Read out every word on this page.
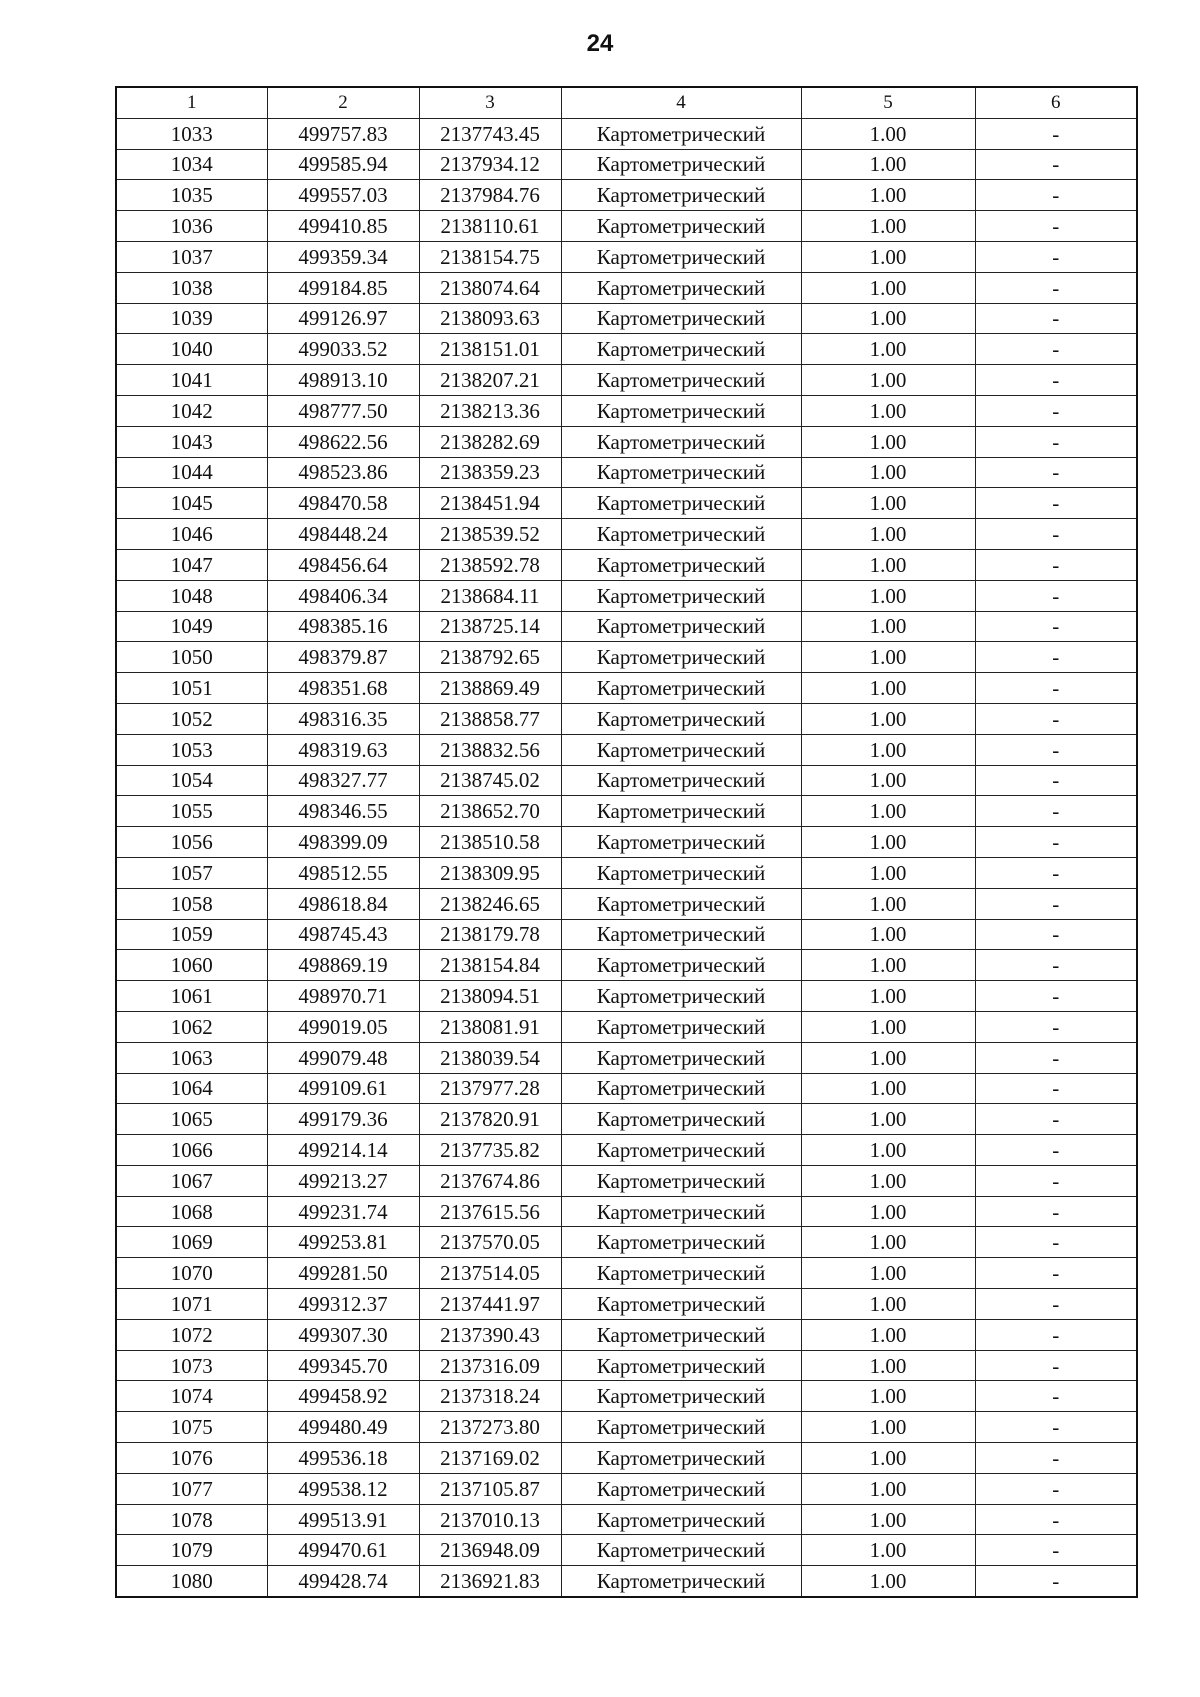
24
1	2	3	4	5	6
1033	499757.83	2137743.45	Картометрический	1.00	-
1034	499585.94	2137934.12	Картометрический	1.00	-
1035	499557.03	2137984.76	Картометрический	1.00	-
1036	499410.85	2138110.61	Картометрический	1.00	-
1037	499359.34	2138154.75	Картометрический	1.00	-
1038	499184.85	2138074.64	Картометрический	1.00	-
1039	499126.97	2138093.63	Картометрический	1.00	-
1040	499033.52	2138151.01	Картометрический	1.00	-
1041	498913.10	2138207.21	Картометрический	1.00	-
1042	498777.50	2138213.36	Картометрический	1.00	-
1043	498622.56	2138282.69	Картометрический	1.00	-
1044	498523.86	2138359.23	Картометрический	1.00	-
1045	498470.58	2138451.94	Картометрический	1.00	-
1046	498448.24	2138539.52	Картометрический	1.00	-
1047	498456.64	2138592.78	Картометрический	1.00	-
1048	498406.34	2138684.11	Картометрический	1.00	-
1049	498385.16	2138725.14	Картометрический	1.00	-
1050	498379.87	2138792.65	Картометрический	1.00	-
1051	498351.68	2138869.49	Картометрический	1.00	-
1052	498316.35	2138858.77	Картометрический	1.00	-
1053	498319.63	2138832.56	Картометрический	1.00	-
1054	498327.77	2138745.02	Картометрический	1.00	-
1055	498346.55	2138652.70	Картометрический	1.00	-
1056	498399.09	2138510.58	Картометрический	1.00	-
1057	498512.55	2138309.95	Картометрический	1.00	-
1058	498618.84	2138246.65	Картометрический	1.00	-
1059	498745.43	2138179.78	Картометрический	1.00	-
1060	498869.19	2138154.84	Картометрический	1.00	-
1061	498970.71	2138094.51	Картометрический	1.00	-
1062	499019.05	2138081.91	Картометрический	1.00	-
1063	499079.48	2138039.54	Картометрический	1.00	-
1064	499109.61	2137977.28	Картометрический	1.00	-
1065	499179.36	2137820.91	Картометрический	1.00	-
1066	499214.14	2137735.82	Картометрический	1.00	-
1067	499213.27	2137674.86	Картометрический	1.00	-
1068	499231.74	2137615.56	Картометрический	1.00	-
1069	499253.81	2137570.05	Картометрический	1.00	-
1070	499281.50	2137514.05	Картометрический	1.00	-
1071	499312.37	2137441.97	Картометрический	1.00	-
1072	499307.30	2137390.43	Картометрический	1.00	-
1073	499345.70	2137316.09	Картометрический	1.00	-
1074	499458.92	2137318.24	Картометрический	1.00	-
1075	499480.49	2137273.80	Картометрический	1.00	-
1076	499536.18	2137169.02	Картометрический	1.00	-
1077	499538.12	2137105.87	Картометрический	1.00	-
1078	499513.91	2137010.13	Картометрический	1.00	-
1079	499470.61	2136948.09	Картометрический	1.00	-
1080	499428.74	2136921.83	Картометрический	1.00	-
